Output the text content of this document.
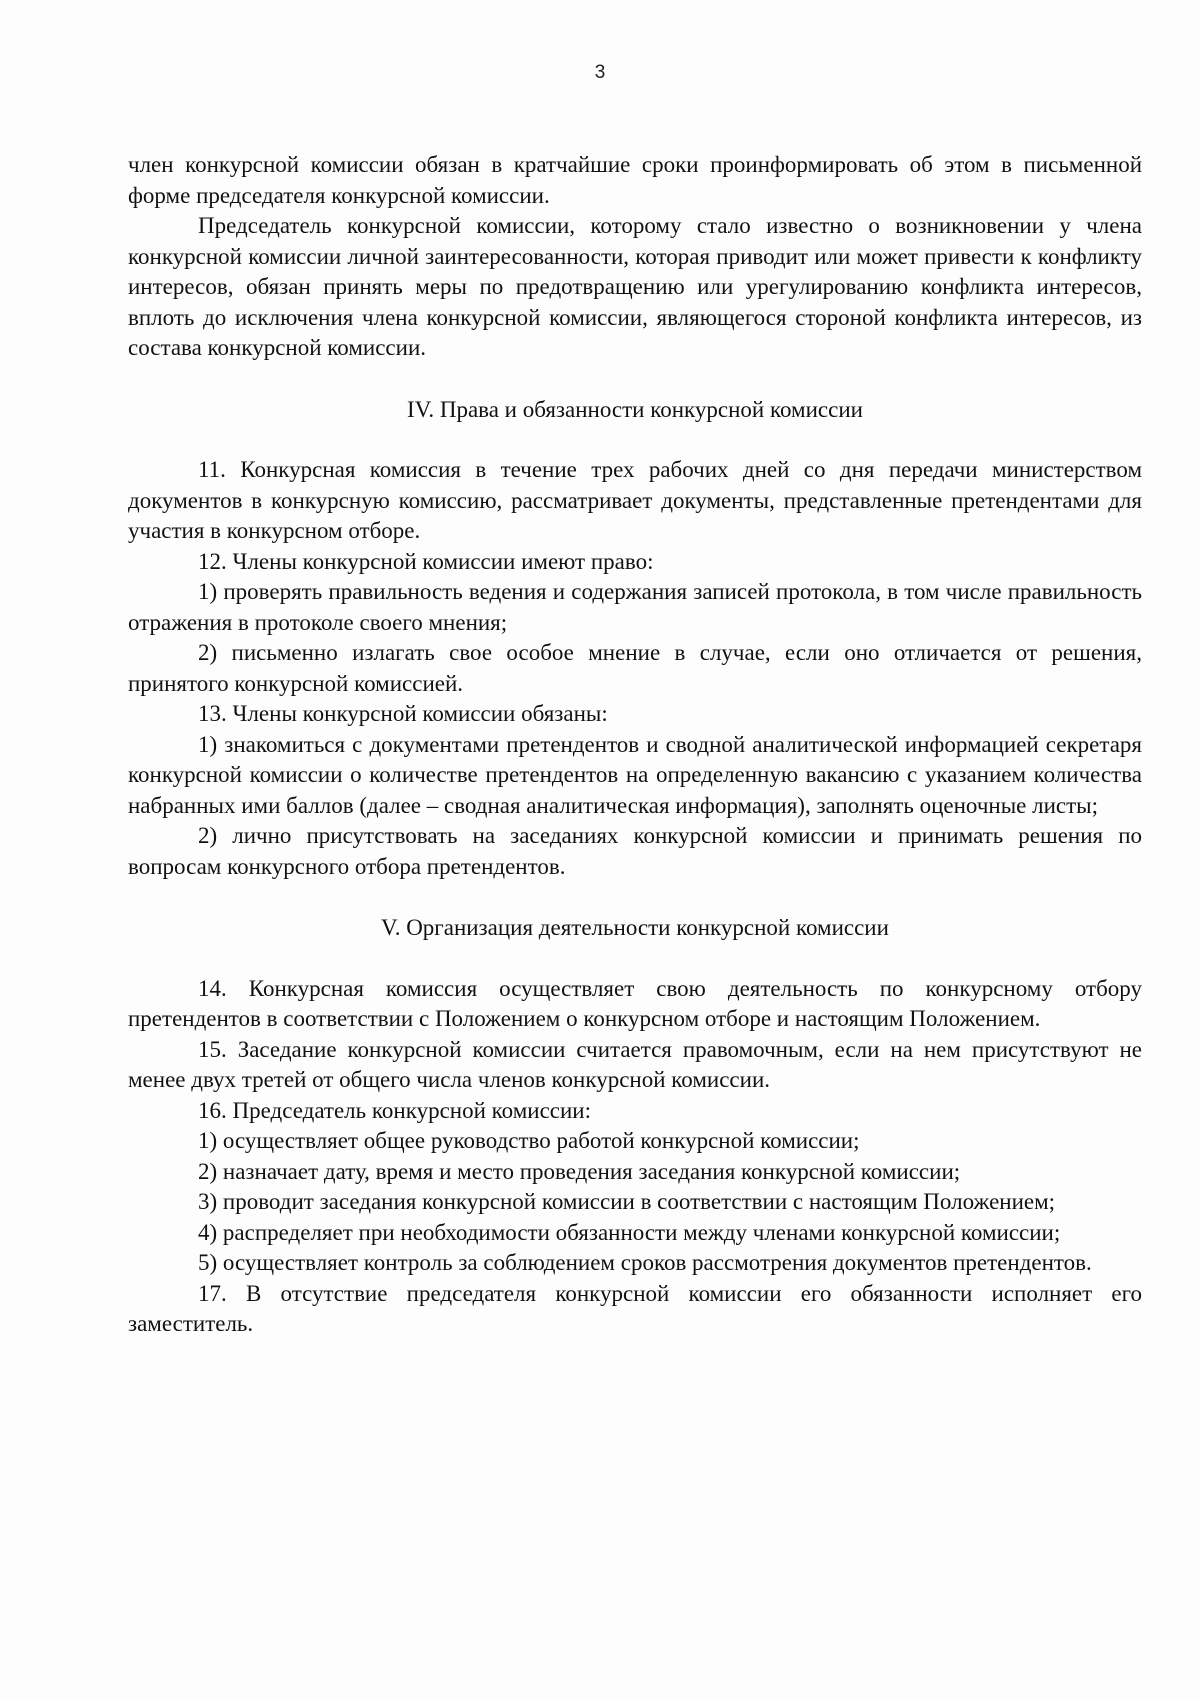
3

член конкурсной комиссии обязан в кратчайшие сроки проинформировать об этом в письменной форме председателя конкурсной комиссии.

Председатель конкурсной комиссии, которому стало известно о возникновении у члена конкурсной комиссии личной заинтересованности, которая приводит или может привести к конфликту интересов, обязан принять меры по предотвращению или урегулированию конфликта интересов, вплоть до исключения члена конкурсной комиссии, являющегося стороной конфликта интересов, из состава конкурсной комиссии.

IV. Права и обязанности конкурсной комиссии

11. Конкурсная комиссия в течение трех рабочих дней со дня передачи министерством документов в конкурсную комиссию, рассматривает документы, представленные претендентами для участия в конкурсном отборе.

12. Члены конкурсной комиссии имеют право:

1) проверять правильность ведения и содержания записей протокола, в том числе правильность отражения в протоколе своего мнения;

2) письменно излагать свое особое мнение в случае, если оно отличается от решения, принятого конкурсной комиссией.

13. Члены конкурсной комиссии обязаны:

1) знакомиться с документами претендентов и сводной аналитической информацией секретаря конкурсной комиссии о количестве претендентов на определенную вакансию с указанием количества набранных ими баллов (далее – сводная аналитическая информация), заполнять оценочные листы;

2) лично присутствовать на заседаниях конкурсной комиссии и принимать решения по вопросам конкурсного отбора претендентов.

V. Организация деятельности конкурсной комиссии

14. Конкурсная комиссия осуществляет свою деятельность по конкурсному отбору претендентов в соответствии с Положением о конкурсном отборе и настоящим Положением.

15. Заседание конкурсной комиссии считается правомочным, если на нем присутствуют не менее двух третей от общего числа членов конкурсной комиссии.

16. Председатель конкурсной комиссии:

1) осуществляет общее руководство работой конкурсной комиссии;

2) назначает дату, время и место проведения заседания конкурсной комиссии;

3) проводит заседания конкурсной комиссии в соответствии с настоящим Положением;

4) распределяет при необходимости обязанности между членами конкурсной комиссии;

5) осуществляет контроль за соблюдением сроков рассмотрения документов претендентов.

17. В отсутствие председателя конкурсной комиссии его обязанности исполняет его заместитель.
